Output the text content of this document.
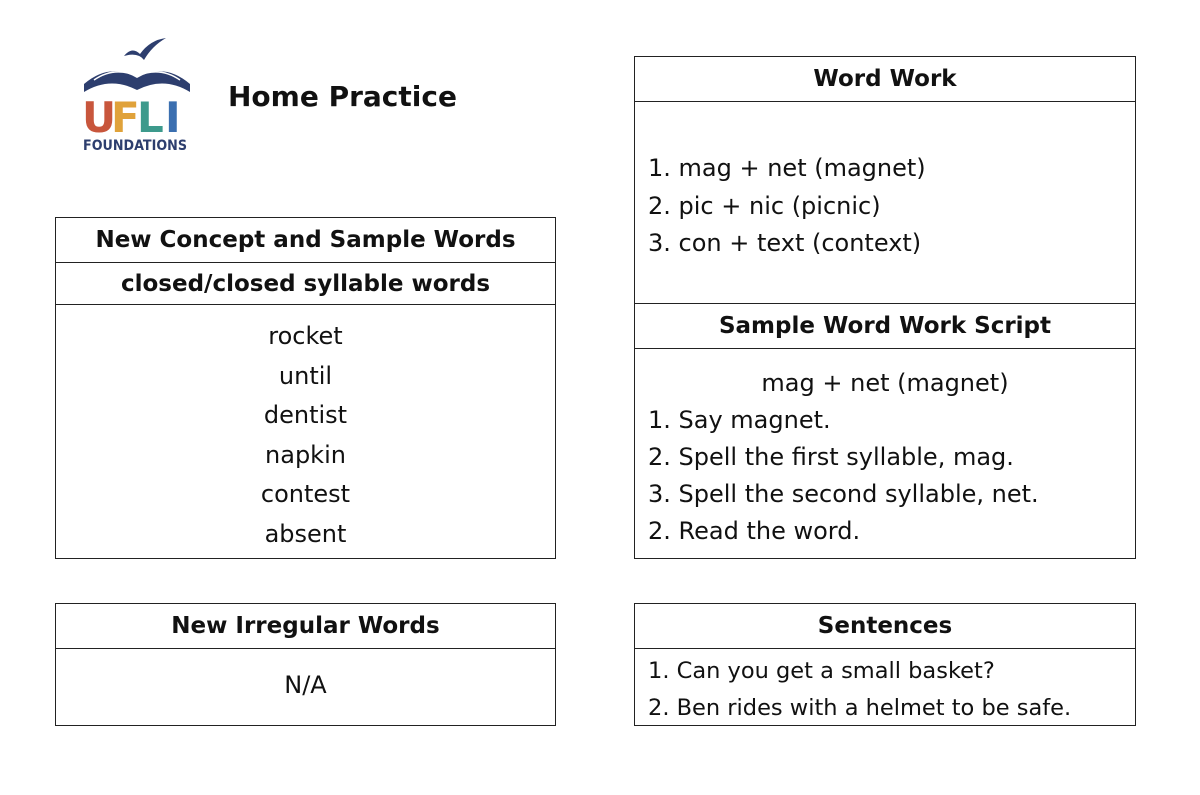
U
F
L I
FOUNDATIONS
Home Practice
New Concept and Sample Words
closed/closed syllable words
rocket
until
dentist
napkin
contest
absent
New Irregular Words
N/A
Word Work
1. mag + net (magnet)
2. pic + nic (picnic)
3. con + text (context)
Sample Word Work Script
mag + net (magnet)
1. Say magnet.
2. Spell the first syllable, mag.
3. Spell the second syllable, net.
2. Read the word.
Sentences
1. Can you get a small basket?
2. Ben rides with a helmet to be safe.
